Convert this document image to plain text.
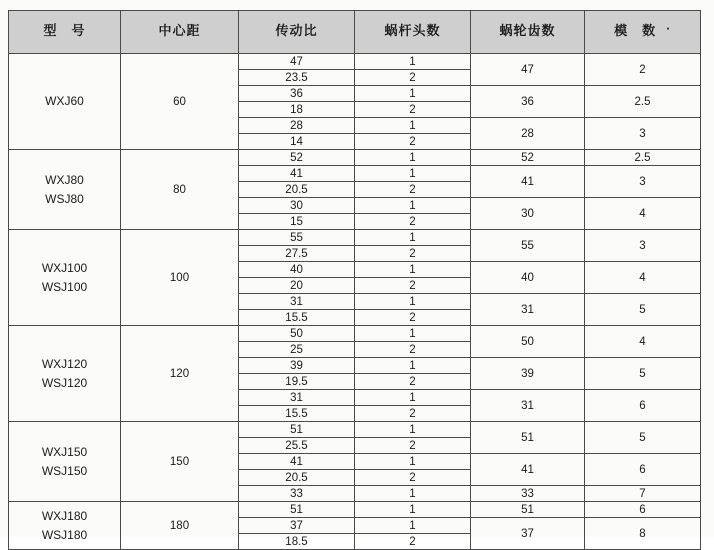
型　号	中心距	传动比	蜗杆头数	蜗轮齿数	模　数 ·

WXJ60	60	47	1	47	2
		23.5	2		
		36	1	36	2.5
		18	2		
		28	1	28	3
		14	2		

WXJ80
WSJ80	80	52	1	52	2.5
		41	1	41	3
		20.5	2		
		30	1	30	4
		15	2		

WXJ100
WSJ100	100	55	1	55	3
		27.5	2		
		40	1	40	4
		20	2		
		31	1	31	5
		15.5	2		

WXJ120
WSJ120	120	50	1	50	4
		25	2		
		39	1	39	5
		19.5	2		
		31	1	31	6
		15.5	2		

WXJ150
WSJ150	150	51	1	51	5
		25.5	2		
		41	1	41	6
		20.5	2		
		33	1	33	7

WXJ180
WSJ180	180	51	1	51	6
		37	1	37	8
		18.5	2		
